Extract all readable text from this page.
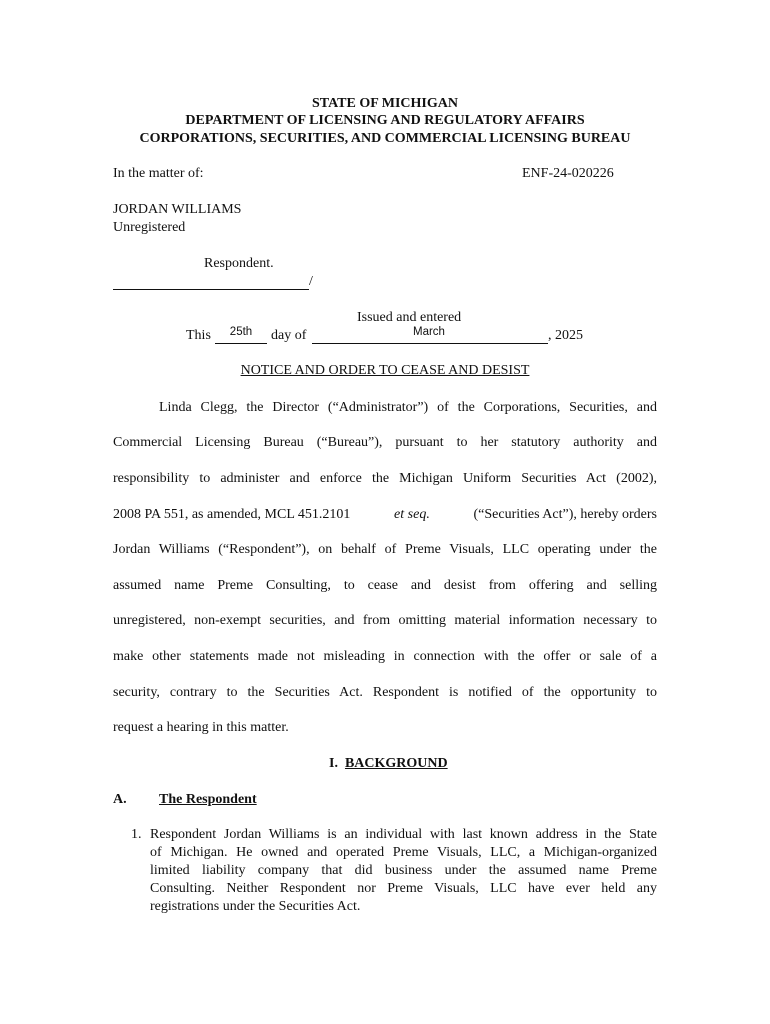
STATE OF MICHIGAN
DEPARTMENT OF LICENSING AND REGULATORY AFFAIRS
CORPORATIONS, SECURITIES, AND COMMERCIAL LICENSING BUREAU
In the matter of:	ENF-24-020226
JORDAN WILLIAMS
Unregistered
Respondent.
/
Issued and entered
This	25th	day of	March	, 2025
NOTICE AND ORDER TO CEASE AND DESIST
Linda Clegg, the Director (“Administrator”) of the Corporations, Securities, and
Commercial Licensing Bureau (“Bureau”), pursuant to her statutory authority and
responsibility to administer and enforce the Michigan Uniform Securities Act (2002),
2008 PA 551, as amended, MCL 451.2101	et seq.	(“Securities Act”), hereby orders
Jordan Williams (“Respondent”), on behalf of Preme Visuals, LLC operating under the
assumed name Preme Consulting, to cease and desist from offering and selling
unregistered, non-exempt securities, and from omitting material information necessary to
make other statements made not misleading in connection with the offer or sale of a
security, contrary to the Securities Act. Respondent is notified of the opportunity to
request a hearing in this matter.
I. BACKGROUND
A. The Respondent
1. Respondent Jordan Williams is an individual with last known address in the State
of Michigan. He owned and operated Preme Visuals, LLC, a Michigan-organized
limited liability company that did business under the assumed name Preme
Consulting. Neither Respondent nor Preme Visuals, LLC have ever held any
registrations under the Securities Act.
